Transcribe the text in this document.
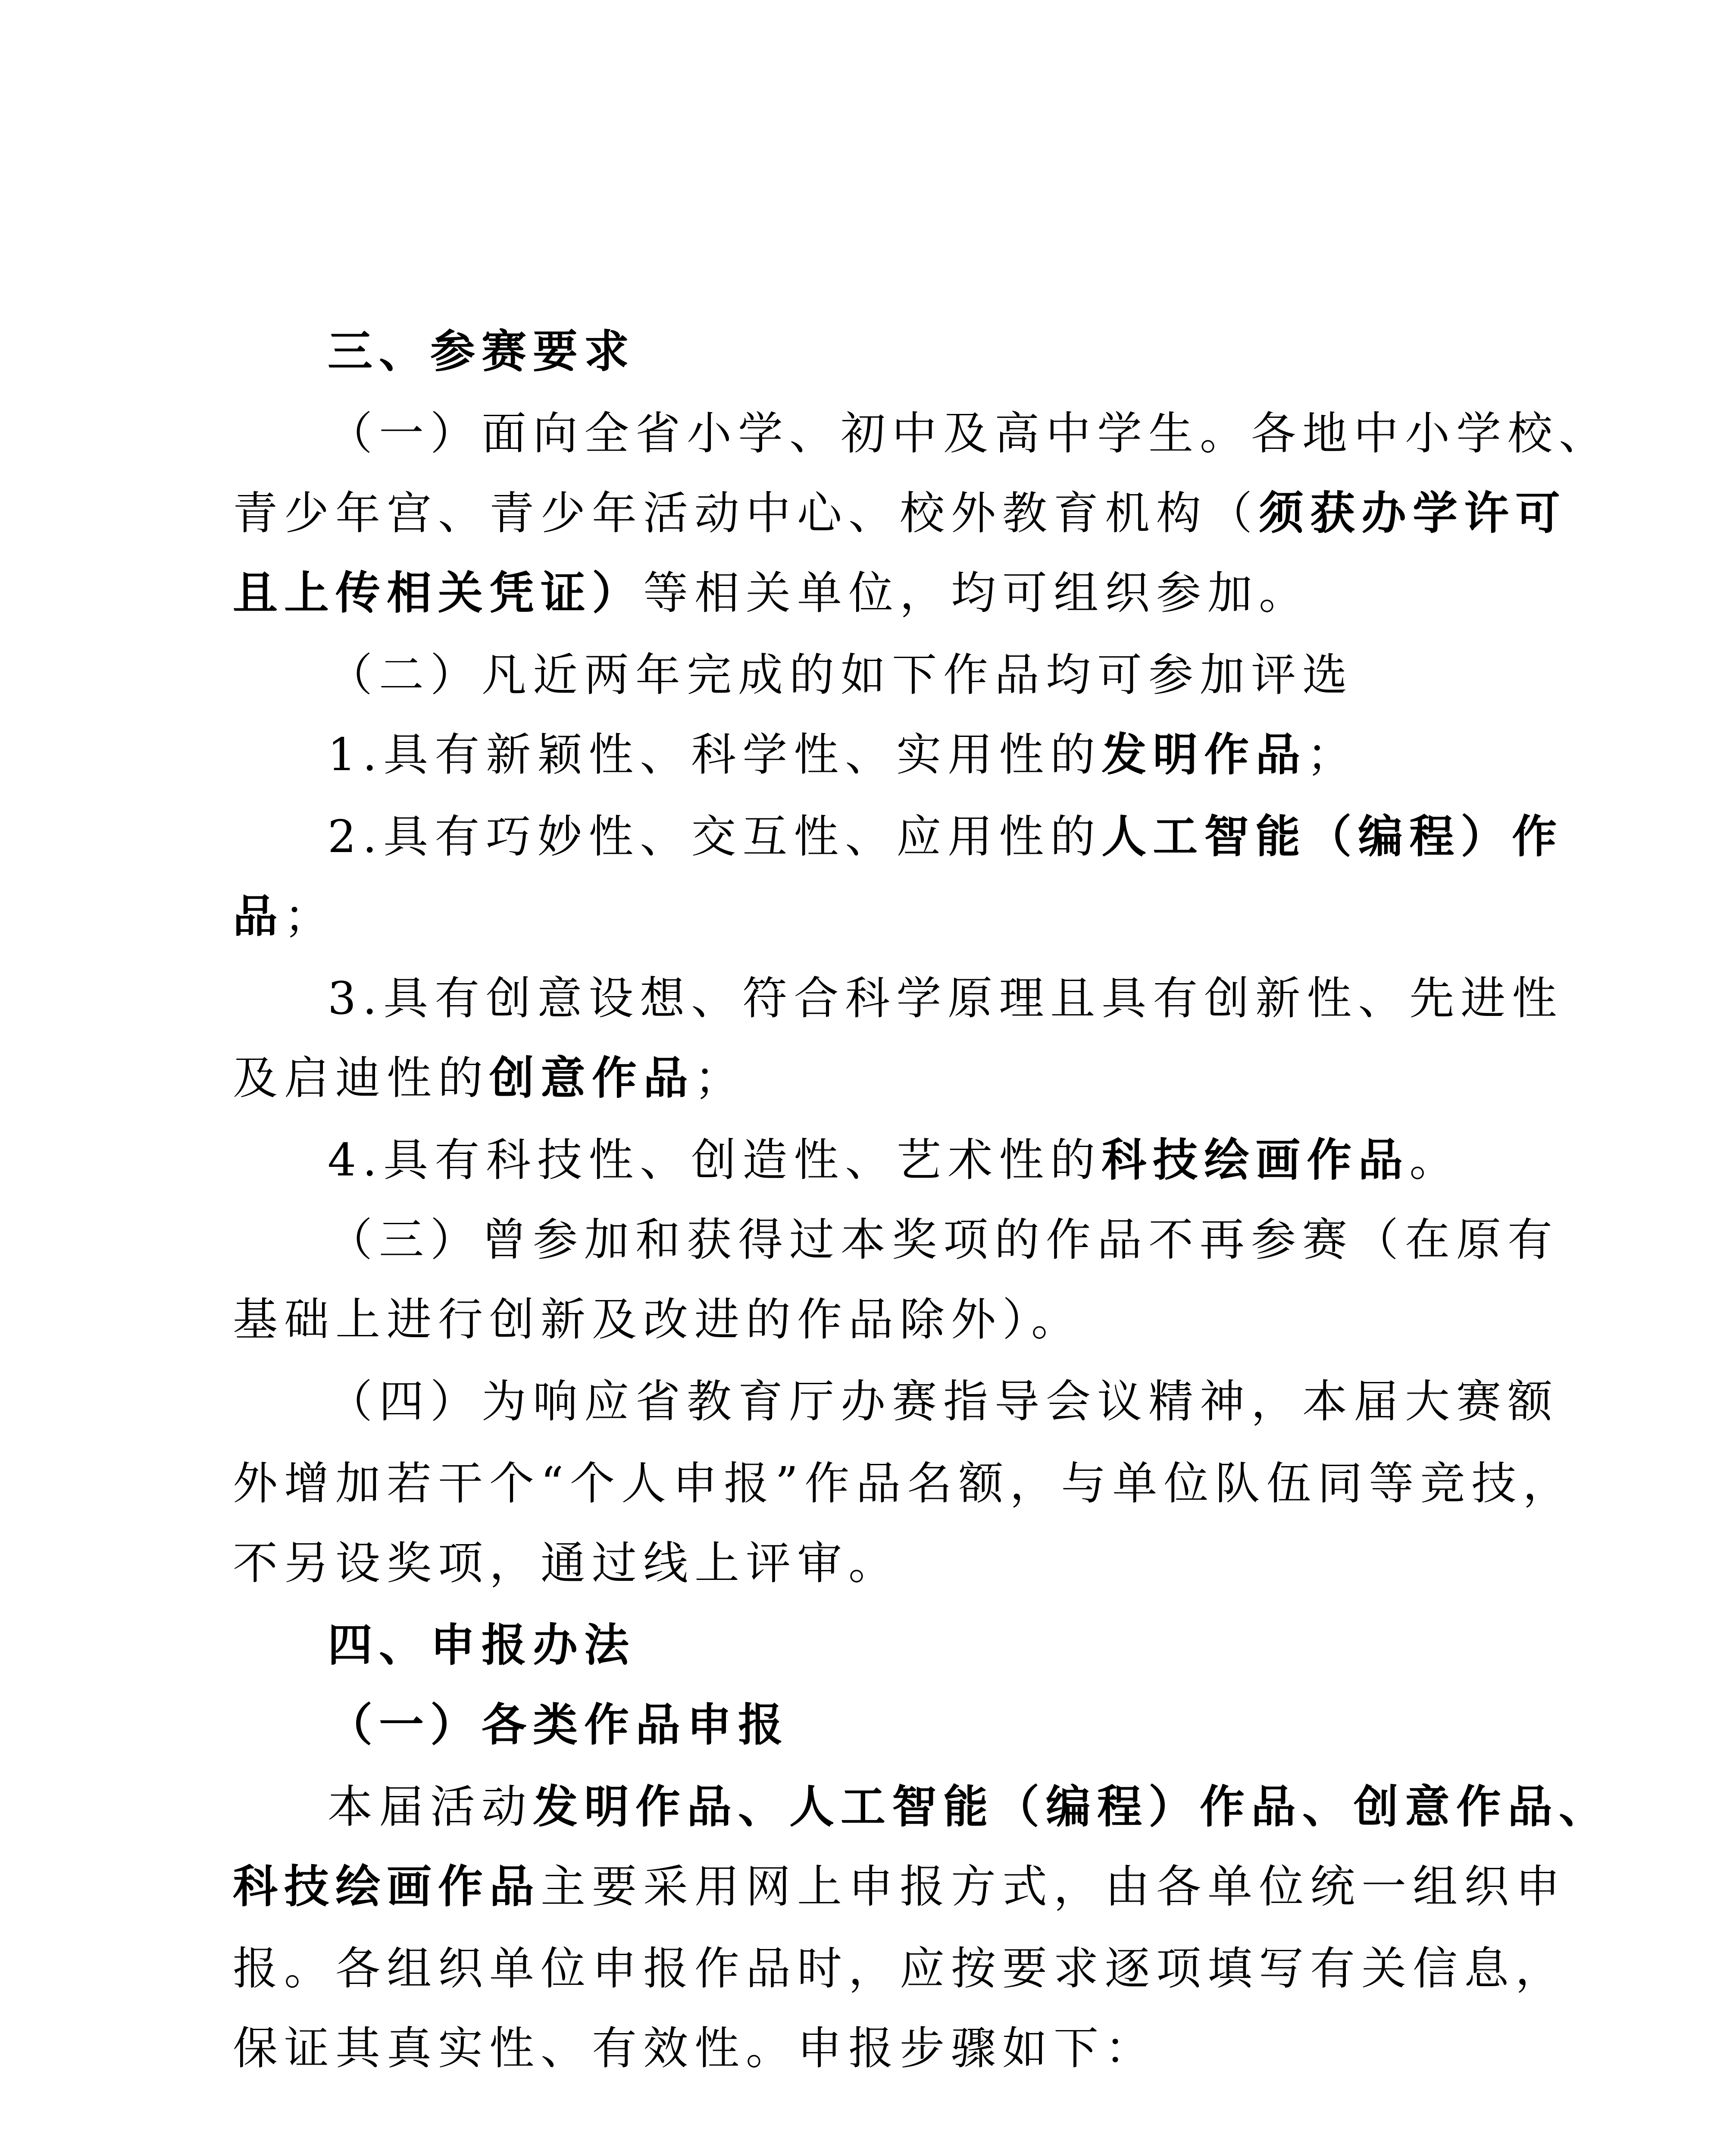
三、参赛要求
（一）面向全省小学、初中及高中学生。各地中小学校、
青少年宫、青少年活动中心、校外教育机构（须获办学许可
且上传相关凭证）等相关单位，均可组织参加。
（二）凡近两年完成的如下作品均可参加评选
1.具有新颖性、科学性、实用性的发明作品；
2.具有巧妙性、交互性、应用性的人工智能（编程）作
品；
3.具有创意设想、符合科学原理且具有创新性、先进性
及启迪性的创意作品；
4.具有科技性、创造性、艺术性的科技绘画作品。
（三）曾参加和获得过本奖项的作品不再参赛（在原有
基础上进行创新及改进的作品除外）。
（四）为响应省教育厅办赛指导会议精神，本届大赛额
外增加若干个“个人申报”作品名额，与单位队伍同等竞技，
不另设奖项，通过线上评审。
四、申报办法
（一）各类作品申报
本届活动发明作品、人工智能（编程）作品、创意作品、
科技绘画作品主要采用网上申报方式，由各单位统一组织申
报。各组织单位申报作品时，应按要求逐项填写有关信息，
保证其真实性、有效性。申报步骤如下：
